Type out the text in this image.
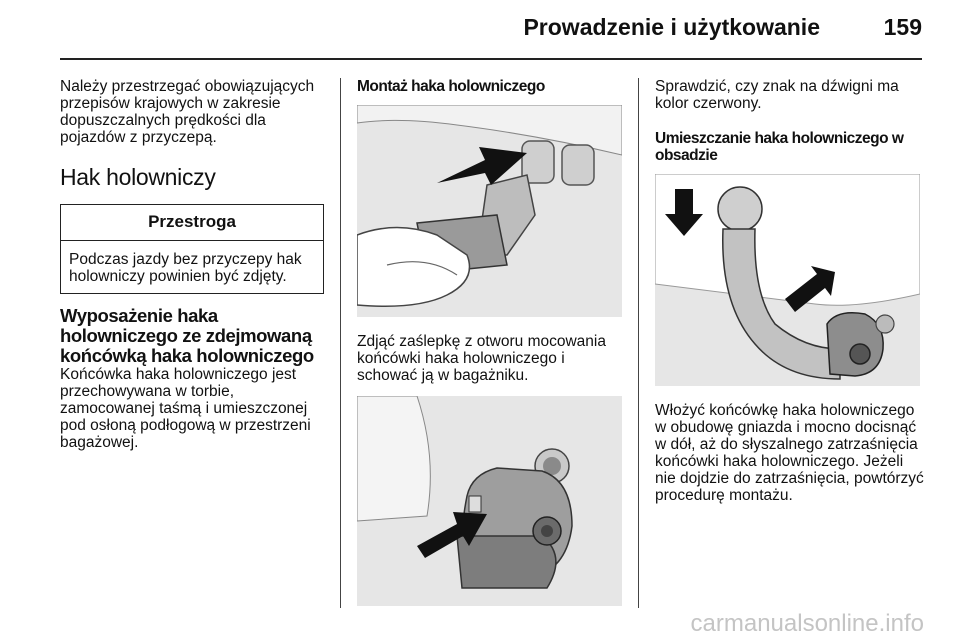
Prowadzenie i użytkowanie	159

Należy przestrzegać obowiązujących przepisów krajowych w zakresie dopuszczalnych prędkości dla pojazdów z przyczepą.

Hak holowniczy
Przestroga
Podczas jazdy bez przyczepy hak holowniczy powinien być zdjęty.
Wyposażenie haka holowniczego ze zdejmowaną końcówką haka holowniczego

Końcówka haka holowniczego jest przechowywana w torbie, zamocowanej taśmą i umieszczonej pod osłoną podłogową w przestrzeni bagażowej.

Montaż haka holowniczego

Zdjąć zaślepkę z otworu mocowania końcówki haka holowniczego i schować ją w bagażniku.

Sprawdzić, czy znak na dźwigni ma kolor czerwony.

Umieszczanie haka holowniczego w obsadzie

Włożyć końcówkę haka holowniczego w obudowę gniazda i mocno docisnąć w dół, aż do słyszalnego zatrzaśnięcia końcówki haka holowniczego. Jeżeli nie dojdzie do zatrzaśnięcia, powtórzyć procedurę montażu.

carmanualsonline.info
